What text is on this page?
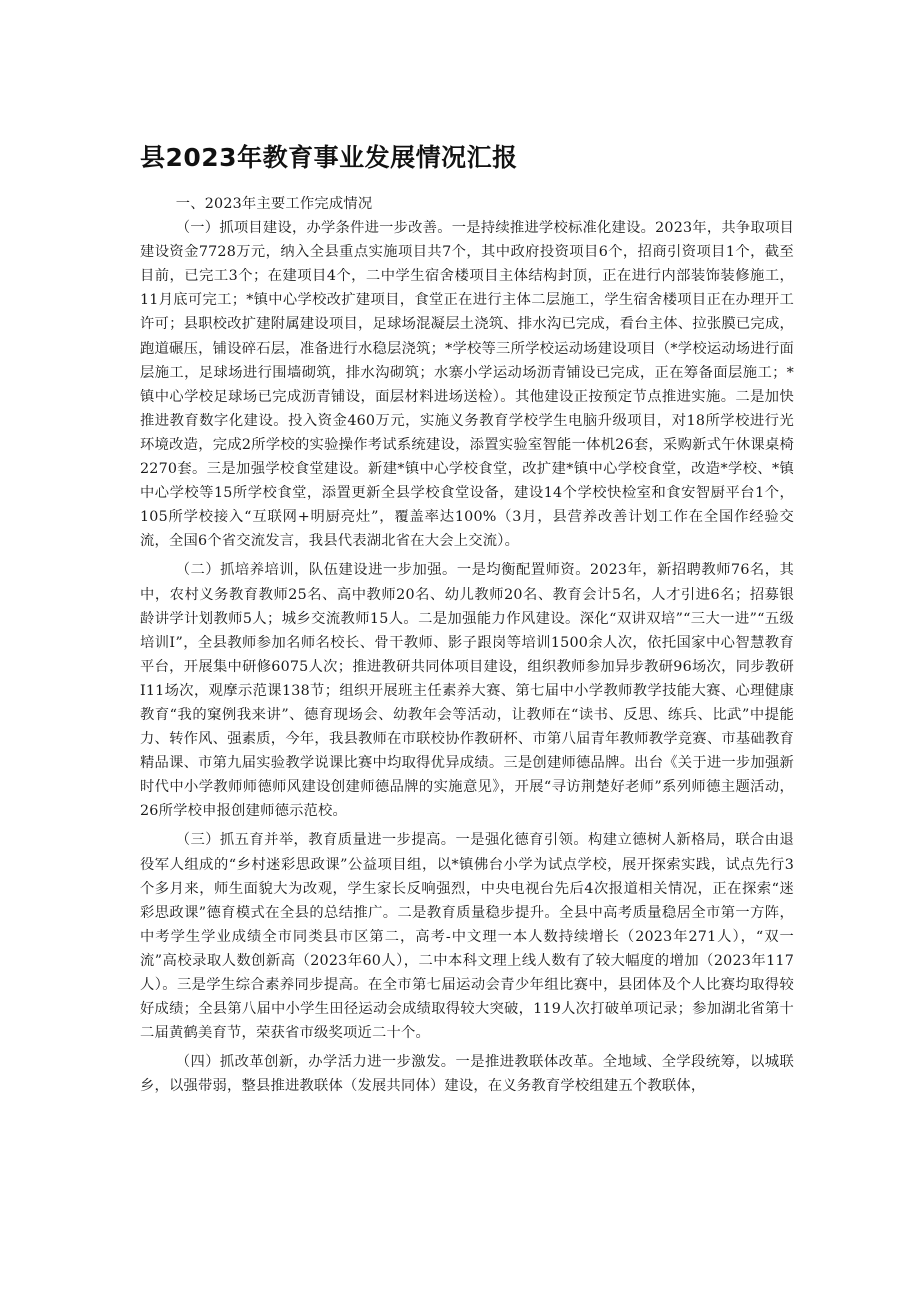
县2023年教育事业发展情况汇报

一、2023年主要工作完成情况

（一）抓项目建设，办学条件进一步改善。一是持续推进学校标准化建设。2023年，共争取项目建设资金7728万元，纳入全县重点实施项目共7个，其中政府投资项目6个，招商引资项目1个，截至目前，已完工3个；在建项目4个，二中学生宿舍楼项目主体结构封顶，正在进行内部装饰装修施工，11月底可完工；*镇中心学校改扩建项目，食堂正在进行主体二层施工，学生宿舍楼项目正在办理开工许可；县职校改扩建附属建设项目，足球场混凝层土浇筑、排水沟已完成，看台主体、拉张膜已完成，跑道碾压，铺设碎石层，准备进行水稳层浇筑；*学校等三所学校运动场建设项目（*学校运动场进行面层施工，足球场进行围墙砌筑，排水沟砌筑；水寨小学运动场沥青铺设已完成，正在筹备面层施工；*镇中心学校足球场已完成沥青铺设，面层材料进场送检）。其他建设正按预定节点推进实施。二是加快推进教育数字化建设。投入资金460万元，实施义务教育学校学生电脑升级项目，对18所学校进行光环境改造，完成2所学校的实验操作考试系统建设，添置实验室智能一体机26套，采购新式午休课桌椅2270套。三是加强学校食堂建设。新建*镇中心学校食堂，改扩建*镇中心学校食堂，改造*学校、*镇中心学校等15所学校食堂，添置更新全县学校食堂设备，建设14个学校快检室和食安智厨平台1个，105所学校接入“互联网+明厨亮灶”，覆盖率达100%（3月，县营养改善计划工作在全国作经验交流，全国6个省交流发言，我县代表湖北省在大会上交流）。

（二）抓培养培训，队伍建设进一步加强。一是均衡配置师资。2023年，新招聘教师76名，其中，农村义务教育教师25名、高中教师20名、幼儿教师20名、教育会计5名，人才引进6名；招募银龄讲学计划教师5人；城乡交流教师15人。二是加强能力作风建设。深化“双讲双培”“三大一进”“五级培训Ⅰ”，全县教师参加名师名校长、骨干教师、影子跟岗等培训1500余人次，依托国家中心智慧教育平台，开展集中研修6075人次；推进教研共同体项目建设，组织教师参加异步教研96场次，同步教研I11场次，观摩示范课138节；组织开展班主任素养大赛、第七届中小学教师教学技能大赛、心理健康教育“我的窠例我来讲”、德育现场会、幼教年会等活动，让教师在“读书、反思、练兵、比武”中提能力、转作风、强素质，今年，我县教师在市联校协作教研杯、市第八届青年教师教学竞赛、市基础教育精品课、市第九届实验教学说课比赛中均取得优异成绩。三是创建师德品牌。出台《关于进一步加强新时代中小学教师师德师风建设创建师德品牌的实施意见》，开展“寻访荆楚好老师”系列师德主题活动，26所学校申报创建师德示范校。

（三）抓五育并举，教育质量进一步提高。一是强化德育引领。构建立德树人新格局，联合由退役军人组成的“乡村迷彩思政课”公益项目组，以*镇佛台小学为试点学校，展开探索实践，试点先行3个多月来，师生面貌大为改观，学生家长反响强烈，中央电视台先后4次报道相关情况，正在探索“迷彩思政课”德育模式在全县的总结推广。二是教育质量稳步提升。全县中高考质量稳居全市第一方阵，中考学生学业成绩全市同类县市区第二，高考-中文理一本人数持续增长（2023年271人），“双一流”高校录取人数创新高（2023年60人），二中本科文理上线人数有了较大幅度的增加（2023年117人）。三是学生综合素养同步提高。在全市第七届运动会青少年组比赛中，县团体及个人比赛均取得较好成绩；全县第八届中小学生田径运动会成绩取得较大突破，119人次打破单项记录；参加湖北省第十二届黄鹤美育节，荣获省市级奖项近二十个。

（四）抓改革创新，办学活力进一步激发。一是推进教联体改革。全地域、全学段统筹，以城联乡，以强带弱，整县推进教联体（发展共同体）建设，在义务教育学校组建五个教联体，
